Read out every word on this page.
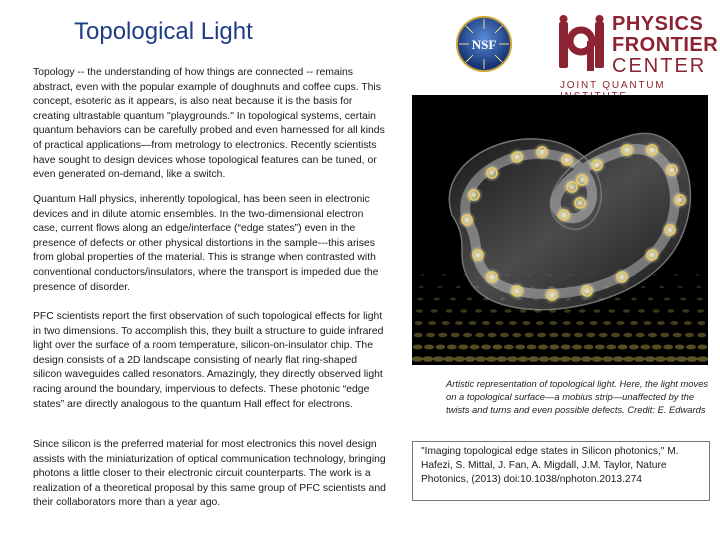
Topological Light

Topology -- the understanding of how things are connected -- remains abstract, even with the popular example of doughnuts and coffee cups. This concept, esoteric as it appears, is also neat because it is the basis for creating ultrastable quantum "playgrounds." In topological systems, certain quantum behaviors can be carefully probed and even harnessed for all kinds of practical applications—from metrology to electronics. Recently scientists have sought to design devices whose topological features can be tuned, or even generated on-demand, like a switch.

Quantum Hall physics, inherently topological, has been seen in electronic devices and in dilute atomic ensembles. In the two-dimensional electron case, current flows along an edge/interface (“edge states”) even in the presence of defects or other physical distortions in the sample---this arises from global properties of the material. This is strange when contrasted with conventional conductors/insulators, where the transport is impeded due the presence of disorder.

PFC scientists report the first observation of such topological effects for light in two dimensions. To accomplish this, they built a structure to guide infrared light over the surface of a room temperature, silicon-on-insulator chip. The design consists of a 2D landscape consisting of nearly flat ring-shaped silicon waveguides called resonators. Amazingly, they directly observed light racing around the boundary, impervious to defects. These photonic “edge states” are directly analogous to the quantum Hall effect for electrons.

Since silicon is the preferred material for most electronics this novel design assists with the miniaturization of optical communication technology, bringing photons a little closer to their electronic circuit counterparts. The work is a realization of a theoretical proposal by this same group of PFC scientists and their collaborators more than a year ago.

NSF
PHYSICS
FRONTIER
CENTER
JOINT QUANTUM
Artistic representation of topological light. Here, the light moves on a topological surface—a mobius strip—unaffected by the twists and turns and even possible defects. Credit: E. Edwards
"Imaging topological edge states in Silicon photonics," M. Hafezi, S. Mittal, J. Fan, A. Migdall, J.M. Taylor, Nature Photonics, (2013) doi:10.1038/nphoton.2013.274
